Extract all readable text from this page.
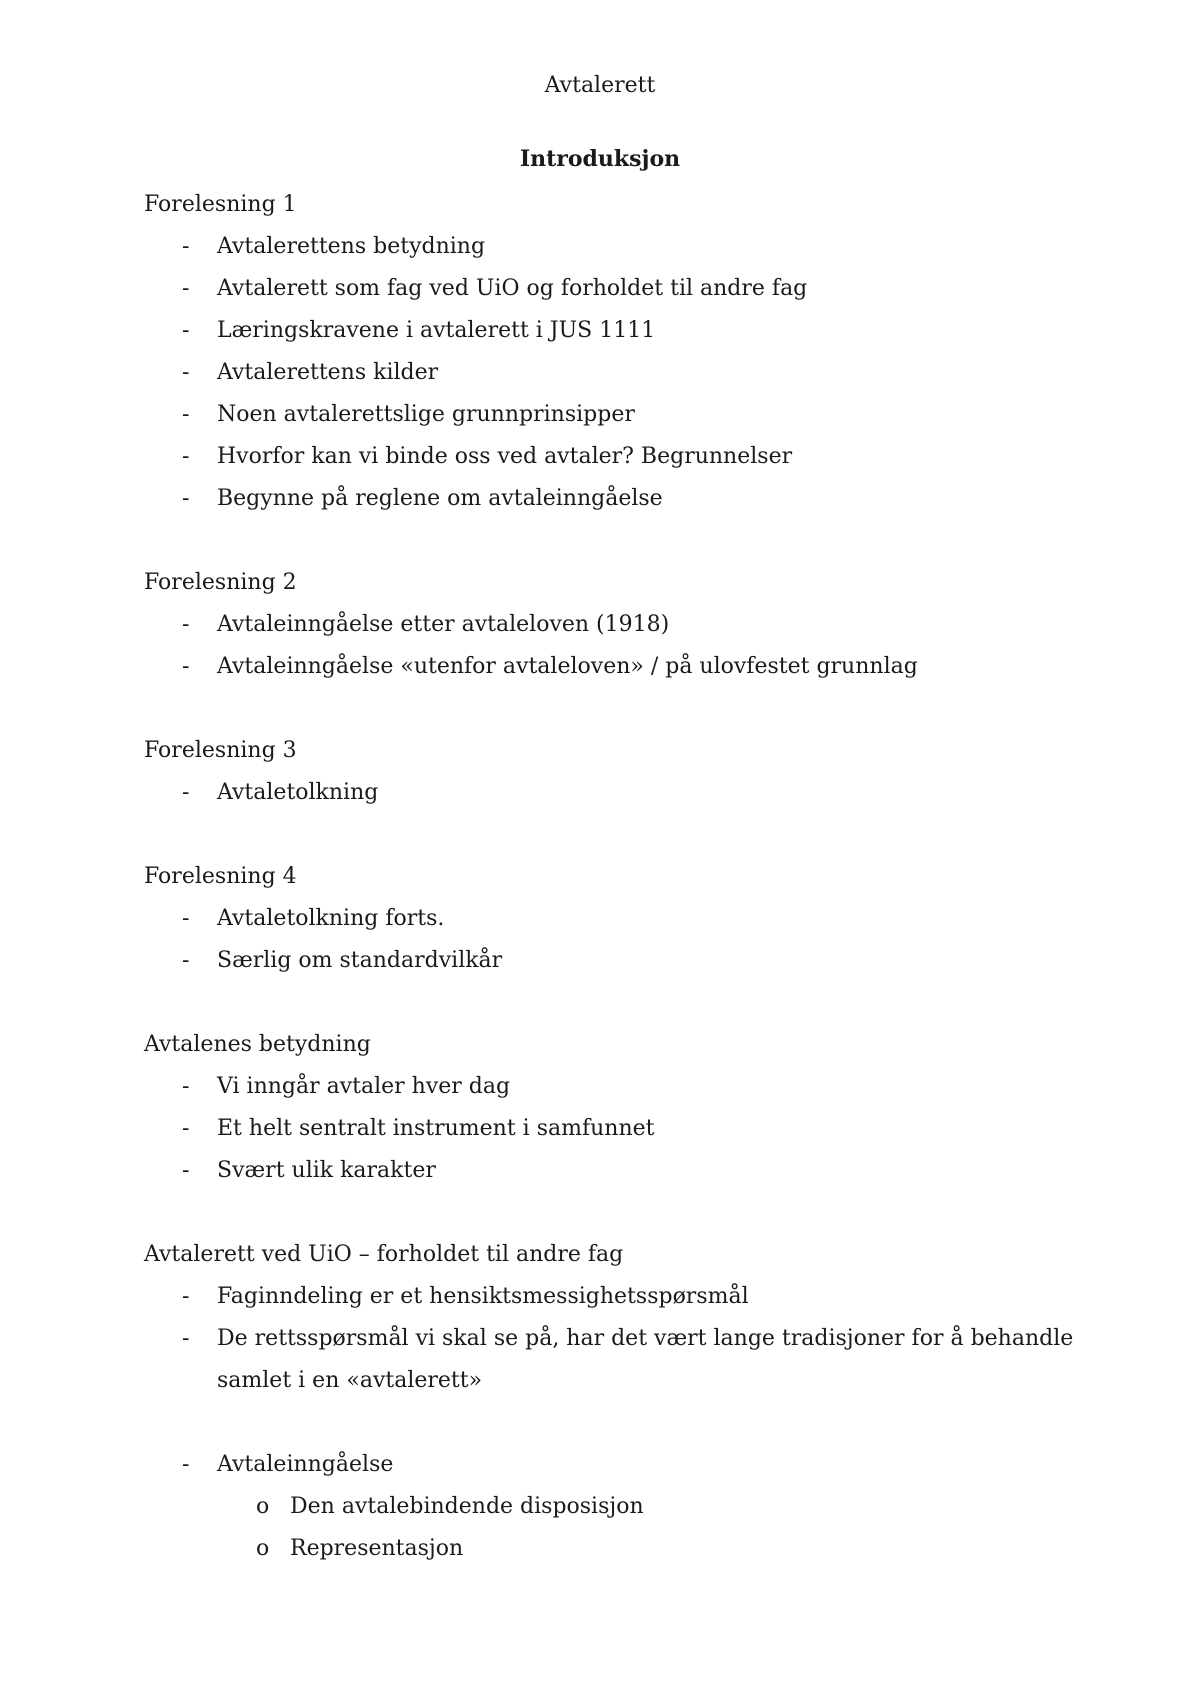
Avtalerett
Introduksjon

Forelesning 1

- Avtalerettens betydning
- Avtalerett som fag ved UiO og forholdet til andre fag
- Læringskravene i avtalerett i JUS 1111
- Avtalerettens kilder
- Noen avtalerettslige grunnprinsipper
- Hvorfor kan vi binde oss ved avtaler? Begrunnelser
- Begynne på reglene om avtaleinngåelse

Forelesning 2

- Avtaleinngåelse etter avtaleloven (1918)
- Avtaleinngåelse «utenfor avtaleloven» / på ulovfestet grunnlag

Forelesning 3

- Avtaletolkning

Forelesning 4

- Avtaletolkning forts.
- Særlig om standardvilkår

Avtalenes betydning

- Vi inngår avtaler hver dag
- Et helt sentralt instrument i samfunnet
- Svært ulik karakter

Avtalerett ved UiO – forholdet til andre fag

- Faginndeling er et hensiktsmessighetsspørsmål
- De rettsspørsmål vi skal se på, har det vært lange tradisjoner for å behandle samlet i en «avtalerett»
- Avtaleinngåelse
o Den avtalebindende disposisjon
o Representasjon
